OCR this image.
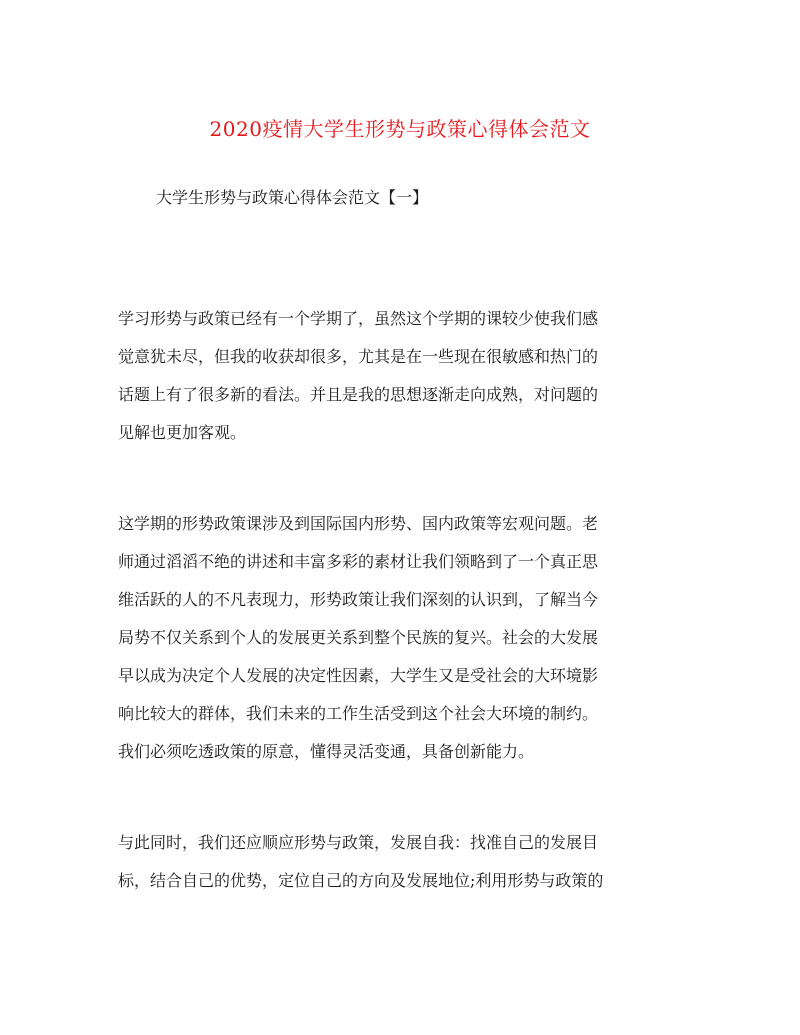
2020疫情大学生形势与政策心得体会范文
大学生形势与政策心得体会范文【一】
学习形势与政策已经有一个学期了，虽然这个学期的课较少使我们感
觉意犹未尽，但我的收获却很多，尤其是在一些现在很敏感和热门的
话题上有了很多新的看法。并且是我的思想逐渐走向成熟，对问题的
见解也更加客观。
这学期的形势政策课涉及到国际国内形势、国内政策等宏观问题。老
师通过滔滔不绝的讲述和丰富多彩的素材让我们领略到了一个真正思
维活跃的人的不凡表现力，形势政策让我们深刻的认识到，了解当今
局势不仅关系到个人的发展更关系到整个民族的复兴。社会的大发展
早以成为决定个人发展的决定性因素，大学生又是受社会的大环境影
响比较大的群体，我们未来的工作生活受到这个社会大环境的制约。
我们必须吃透政策的原意，懂得灵活变通，具备创新能力。
与此同时，我们还应顺应形势与政策，发展自我：找准自己的发展目
标，结合自己的优势，定位自己的方向及发展地位;利用形势与政策的
